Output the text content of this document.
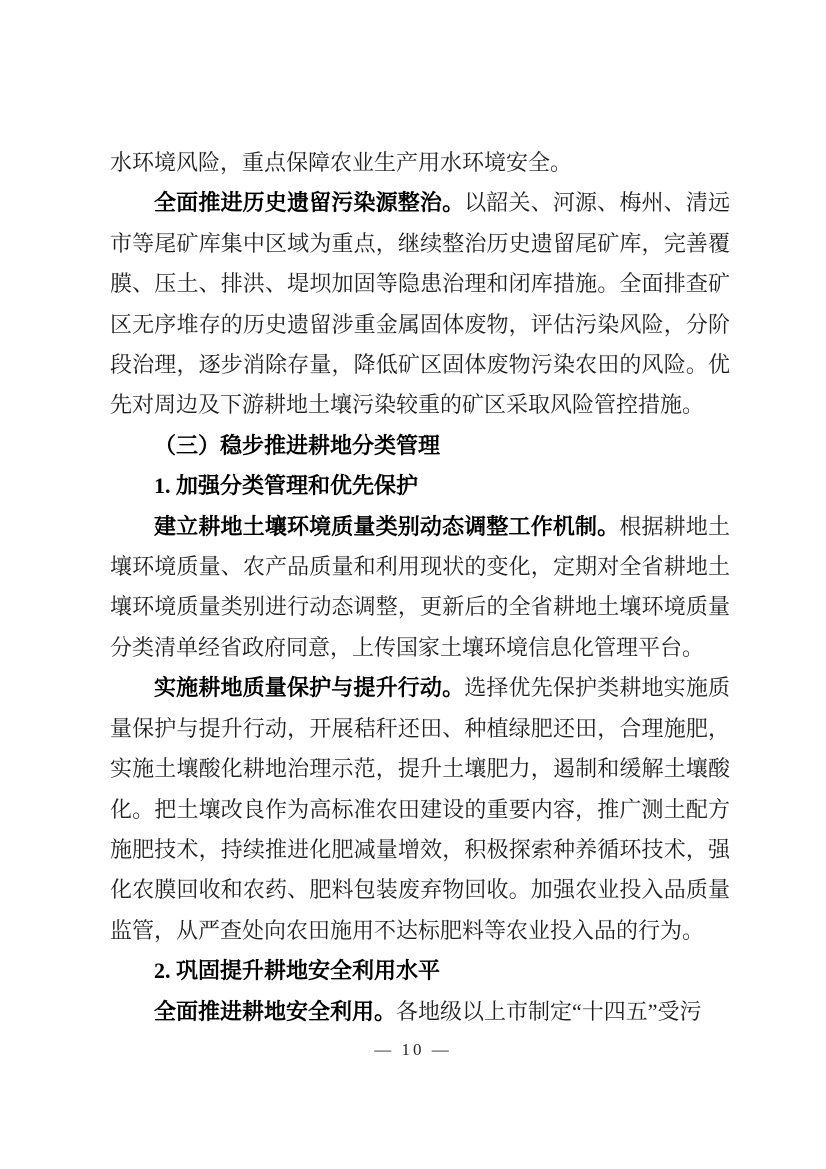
水环境风险，重点保障农业生产用水环境安全。

全面推进历史遗留污染源整治。以韶关、河源、梅州、清远市等尾矿库集中区域为重点，继续整治历史遗留尾矿库，完善覆膜、压土、排洪、堤坝加固等隐患治理和闭库措施。全面排查矿区无序堆存的历史遗留涉重金属固体废物，评估污染风险，分阶段治理，逐步消除存量，降低矿区固体废物污染农田的风险。优先对周边及下游耕地土壤污染较重的矿区采取风险管控措施。

（三）稳步推进耕地分类管理

1. 加强分类管理和优先保护

建立耕地土壤环境质量类别动态调整工作机制。根据耕地土壤环境质量、农产品质量和利用现状的变化，定期对全省耕地土壤环境质量类别进行动态调整，更新后的全省耕地土壤环境质量分类清单经省政府同意，上传国家土壤环境信息化管理平台。

实施耕地质量保护与提升行动。选择优先保护类耕地实施质量保护与提升行动，开展秸秆还田、种植绿肥还田，合理施肥，实施土壤酸化耕地治理示范，提升土壤肥力，遏制和缓解土壤酸化。把土壤改良作为高标准农田建设的重要内容，推广测土配方施肥技术，持续推进化肥减量增效，积极探索种养循环技术，强化农膜回收和农药、肥料包装废弃物回收。加强农业投入品质量监管，从严查处向农田施用不达标肥料等农业投入品的行为。

2. 巩固提升耕地安全利用水平

全面推进耕地安全利用。各地级以上市制定“十四五”受污

— 10 —
